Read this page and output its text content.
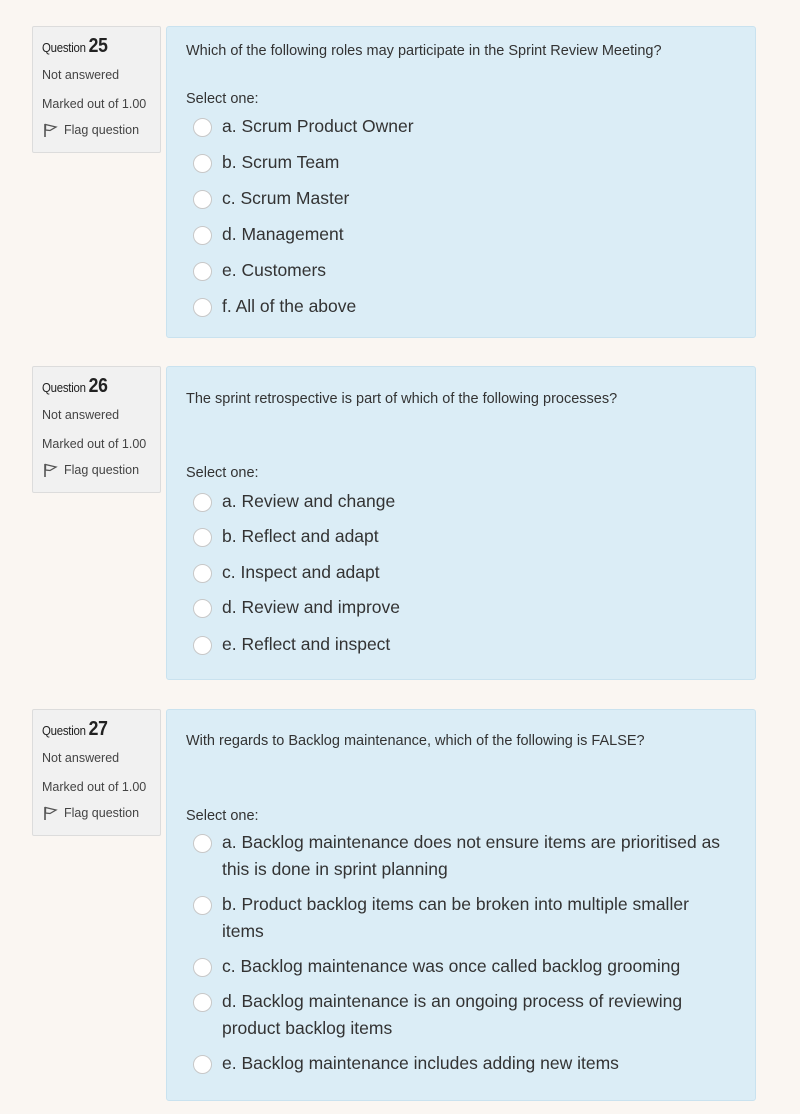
Question 25
Not answered
Marked out of 1.00
Flag question
Which of the following roles may participate in the Sprint Review Meeting?
Select one:
a. Scrum Product Owner
b. Scrum Team
c. Scrum Master
d. Management
e. Customers
f. All of the above
Question 26
Not answered
Marked out of 1.00
Flag question
The sprint retrospective is part of which of the following processes?
Select one:
a. Review and change
b. Reflect and adapt
c. Inspect and adapt
d. Review and improve
e. Reflect and inspect
Question 27
Not answered
Marked out of 1.00
Flag question
With regards to Backlog maintenance, which of the following is FALSE?
Select one:
a. Backlog maintenance does not ensure items are prioritised as this is done in sprint planning
b. Product backlog items can be broken into multiple smaller items
c. Backlog maintenance was once called backlog grooming
d. Backlog maintenance is an ongoing process of reviewing product backlog items
e. Backlog maintenance includes adding new items
